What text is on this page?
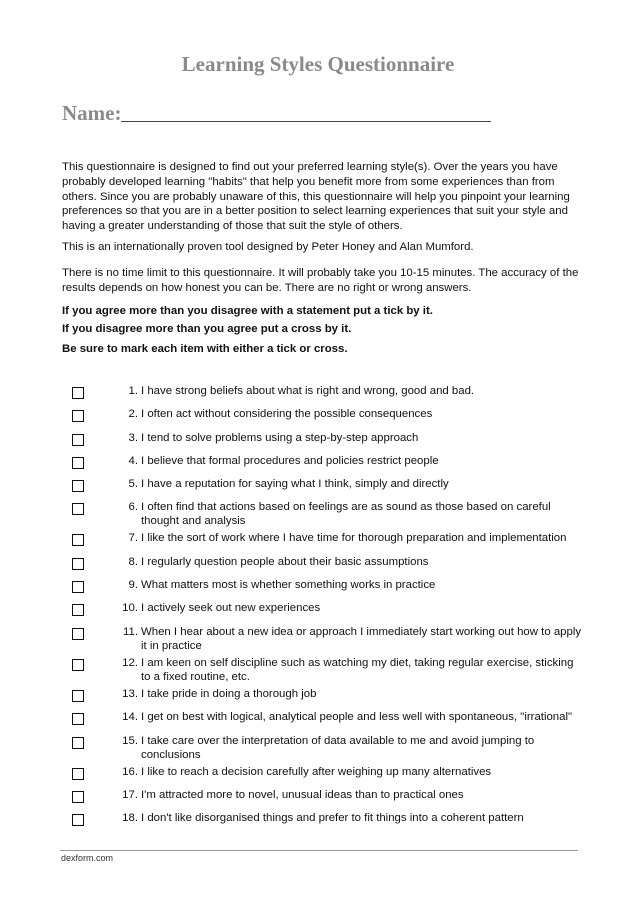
Learning Styles Questionnaire
Name:
This questionnaire is designed to find out your preferred learning style(s). Over the years you have probably developed learning "habits" that help you benefit more from some experiences than from others. Since you are probably unaware of this, this questionnaire will help you pinpoint your learning preferences so that you are in a better position to select learning experiences that suit your style and having a greater understanding of those that suit the style of others.
This is an internationally proven tool designed by Peter Honey and Alan Mumford.
There is no time limit to this questionnaire. It will probably take you 10-15 minutes. The accuracy of the results depends on how honest you can be. There are no right or wrong answers.
If you agree more than you disagree with a statement put a tick by it.
If you disagree more than you agree put a cross by it.
Be sure to mark each item with either a tick or cross.
1. I have strong beliefs about what is right and wrong, good and bad.
2. I often act without considering the possible consequences
3. I tend to solve problems using a step-by-step approach
4. I believe that formal procedures and policies restrict people
5. I have a reputation for saying what I think, simply and directly
6. I often find that actions based on feelings are as sound as those based on careful thought and analysis
7. I like the sort of work where I have time for thorough preparation and implementation
8. I regularly question people about their basic assumptions
9. What matters most is whether something works in practice
10. I actively seek out new experiences
11. When I hear about a new idea or approach I immediately start working out how to apply it in practice
12. I am keen on self discipline such as watching my diet, taking regular exercise, sticking to a fixed routine, etc.
13. I take pride in doing a thorough job
14. I get on best with logical, analytical people and less well with spontaneous, "irrational"
15. I take care over the interpretation of data available to me and avoid jumping to conclusions
16. I like to reach a decision carefully after weighing up many alternatives
17. I'm attracted more to novel, unusual ideas than to practical ones
18. I don't like disorganised things and prefer to fit things into a coherent pattern
dexform.com
